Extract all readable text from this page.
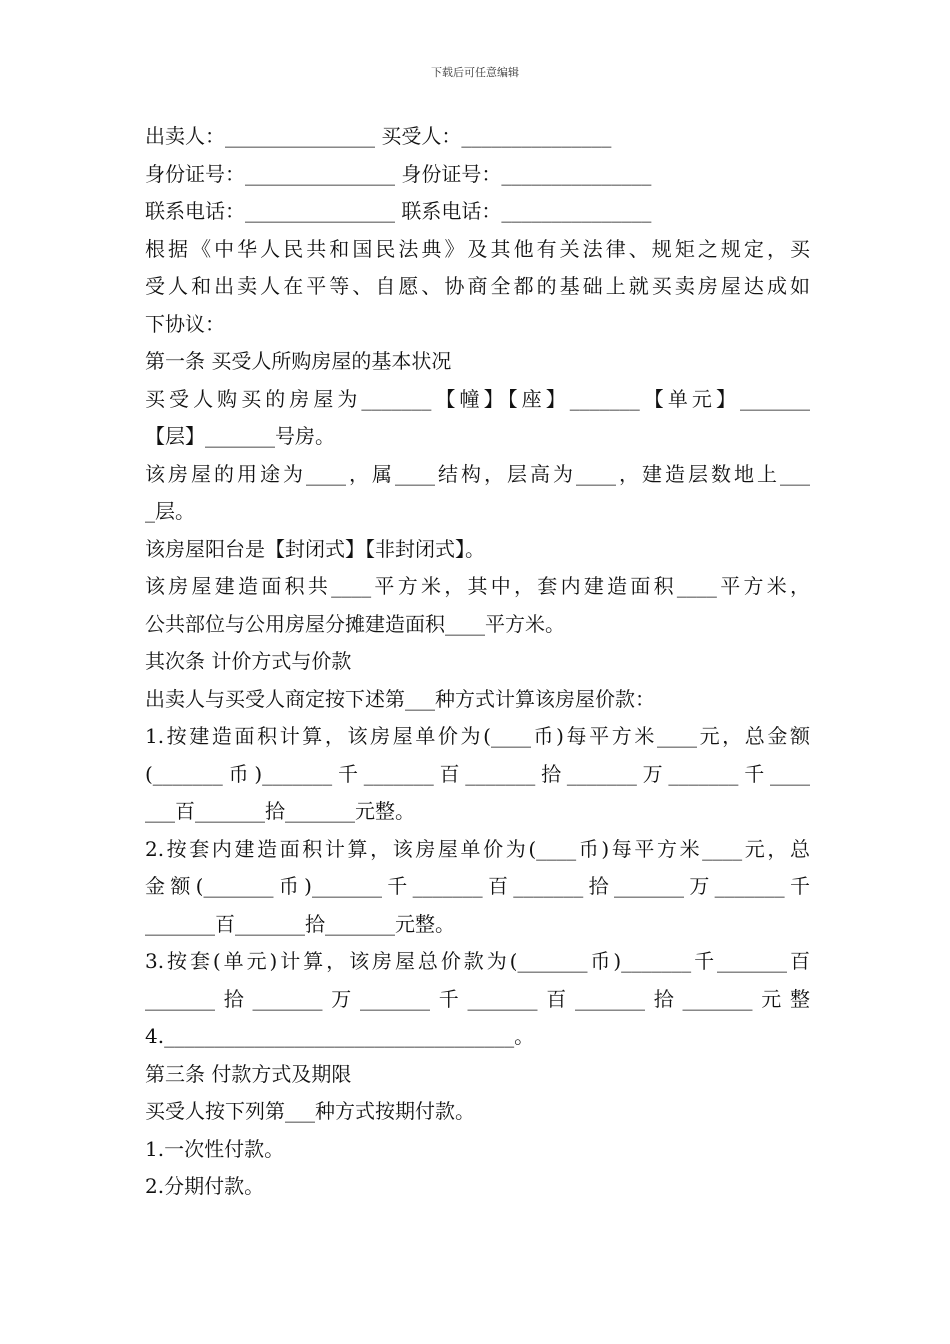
下载后可任意编辑
出卖人：_______________ 买受人：_______________
身份证号：_______________ 身份证号：_______________
联系电话：_______________ 联系电话：_______________
根据《中华人民共和国民法典》及其他有关法律、规矩之规定，买
受人和出卖人在平等、自愿、协商全都的基础上就买卖房屋达成如
下协议：
第一条 买受人所购房屋的基本状况
买受人购买的房屋为_______【幢】【座】_______【单元】_______
【层】_______号房。
该房屋的用途为____，属____结构，层高为____，建造层数地上___
_层。
该房屋阳台是【封闭式】【非封闭式】。
该房屋建造面积共____平方米，其中，套内建造面积____平方米，
公共部位与公用房屋分摊建造面积____平方米。
其次条 计价方式与价款
出卖人与买受人商定按下述第___种方式计算该房屋价款：
1.按建造面积计算，该房屋单价为(____币)每平方米____元，总金额
(_______币)_______千_______百_______拾_______万_______千____
___百_______拾_______元整。
2.按套内建造面积计算，该房屋单价为(____币)每平方米____元，总
金额(_______币)_______千_______百_______拾_______万_______千
_______百_______拾_______元整。
3.按套(单元)计算，该房屋总价款为(_______币)_______千_______百
_______拾_______万_______千_______百_______拾_______元整
4.___________________________________。
第三条 付款方式及期限
买受人按下列第___种方式按期付款。
1.一次性付款。
2.分期付款。
